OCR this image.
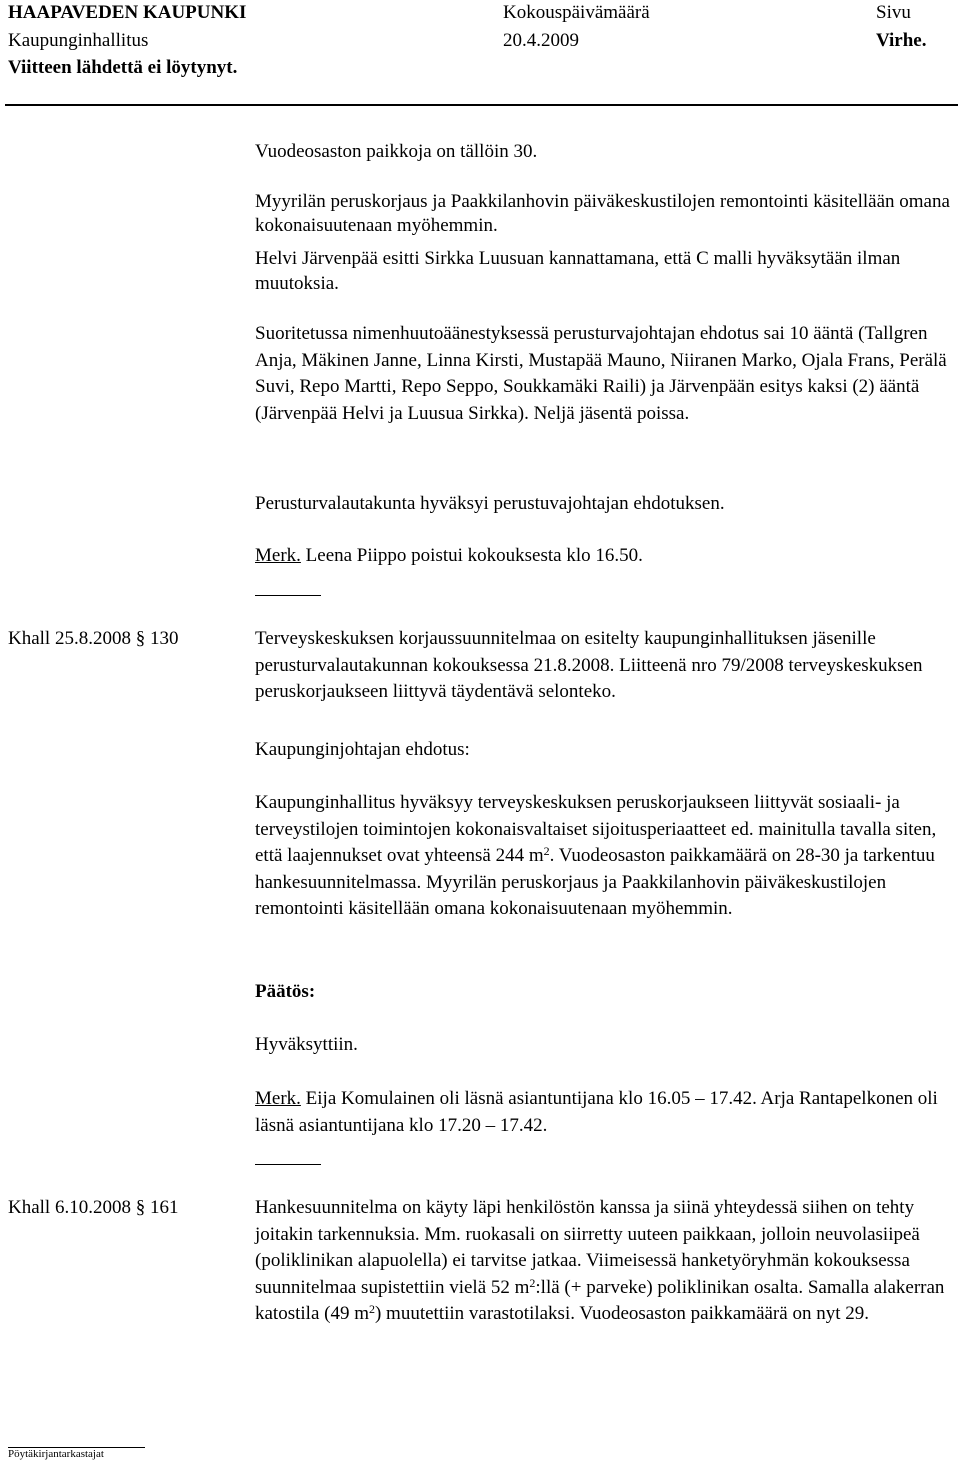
HAAPAVEDEN KAUPUNKI
Kaupunginhallitus
Viitteen lähdettä ei löytynyt.
Kokouspäivämäärä
20.4.2009
Sivu
Virhe.

Vuodeosaston paikkoja on tällöin 30.

Myyrilän peruskorjaus ja Paakkilanhovin päiväkeskustilojen remontointi käsitellään omana kokonaisuutenaan myöhemmin.

Helvi Järvenpää esitti Sirkka Luusuan kannattamana, että C malli hyväksytään ilman muutoksia.

Suoritetussa nimenhuutoäänestyksessä perusturvajohtajan ehdotus sai 10 ääntä (Tallgren Anja, Mäkinen Janne, Linna Kirsti, Mustapää Mauno, Niiranen Marko, Ojala Frans, Perälä Suvi, Repo Martti, Repo Seppo, Soukkamäki Raili) ja Järvenpään esitys kaksi (2) ääntä (Järvenpää Helvi ja Luusua Sirkka). Neljä jäsentä poissa.

Perusturvalautakunta hyväksyi perustuvajohtajan ehdotuksen.

Merk. Leena Piippo poistui kokouksesta klo 16.50.

Khall 25.8.2008 § 130	Terveyskeskuksen korjaussuunnitelmaa on esitelty kaupunginhallituksen jäsenille perusturvalautakunnan kokouksessa 21.8.2008. Liitteenä nro 79/2008 terveyskeskuksen peruskorjaukseen liittyvä täydentävä selonteko.

Kaupunginjohtajan ehdotus:

Kaupunginhallitus hyväksyy terveyskeskuksen peruskorjaukseen liittyvät sosiaali- ja terveystilojen toimintojen kokonaisvaltaiset sijoitusperiaatteet ed. mainitulla tavalla siten, että laajennukset ovat yhteensä 244 $m^2$. Vuodeosaston paikkamäärä on 28-30 ja tarkentuu hankesuunnitelmassa. Myyrilän peruskorjaus ja Paakkilanhovin päiväkeskustilojen remontointi käsitellään omana kokonaisuutenaan myöhemmin.

Päätös:

Hyväksyttiin.

Merk. Eija Komulainen oli läsnä asiantuntijana klo 16.05 – 17.42. Arja Rantapelkonen oli läsnä asiantuntijana klo 17.20 – 17.42.

Khall 6.10.2008 § 161	Hankesuunnitelma on käyty läpi henkilöstön kanssa ja siinä yhteydessä siihen on tehty joitakin tarkennuksia. Mm. ruokasali on siirretty uuteen paikkaan, jolloin neuvolasiipeä (poliklinikan alapuolella) ei tarvitse jatkaa. Viimeisessä hanketyöryhmän kokouksessa suunnitelmaa supistettiin vielä 52 $m^2:llä$ (+ parveke) poliklinikan osalta. Samalla alakerran katostila (49 $m^2$) muutettiin varastotilaksi. Vuodeosaston paikkamäärä on nyt 29.

Pöytäkirjantarkastajat
